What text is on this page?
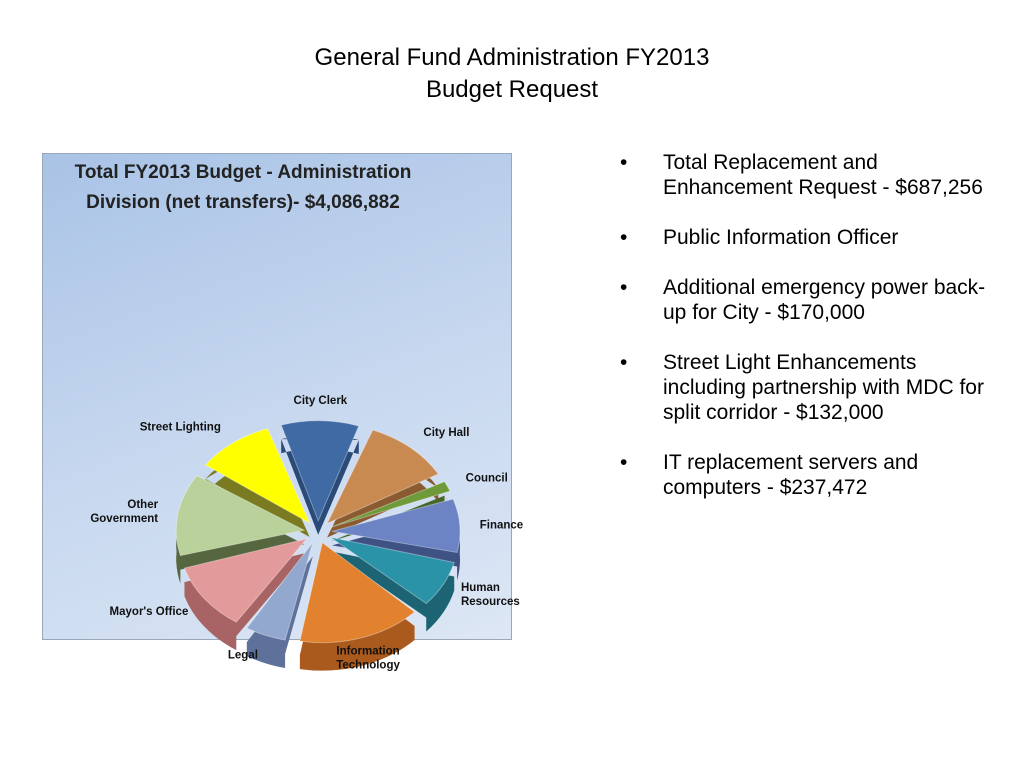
General Fund Administration FY2013
Budget Request
Total FY2013 Budget - Administration
Division (net transfers)- $4,086,882
City Clerk
City Hall
Council
Finance
Human Resources
Information Technology
Legal
Mayor's Office
Other Government
Street Lighting
• Total Replacement and Enhancement Request - $687,256
• Public Information Officer
• Additional emergency power back-up for City - $170,000
• Street Light Enhancements including partnership with MDC for split corridor - $132,000
• IT replacement servers and computers - $237,472
